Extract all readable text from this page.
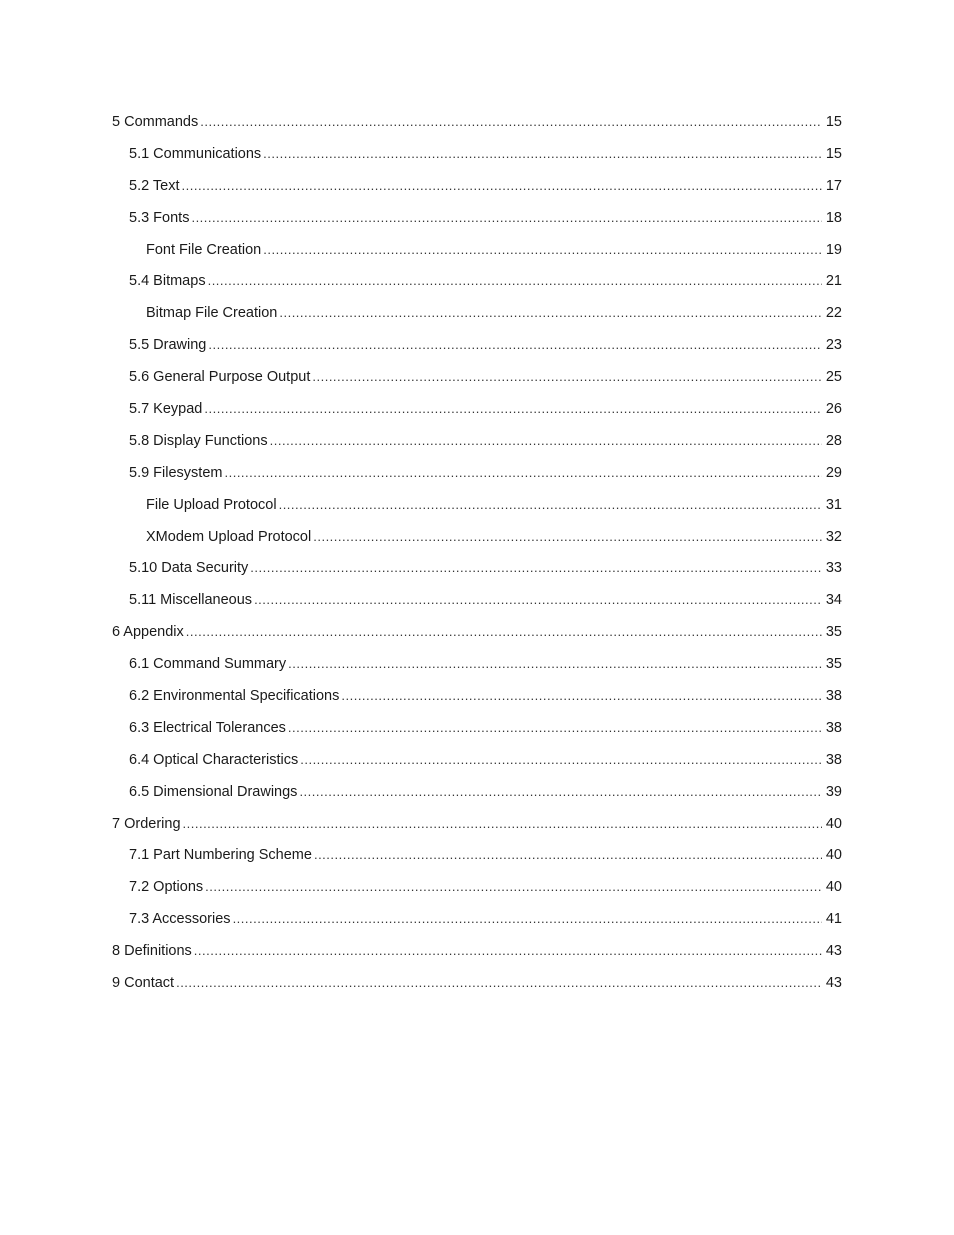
5 Commands .....	15
5.1 Communications .....	15
5.2 Text .....	17
5.3 Fonts .....	18
Font File Creation .....	19
5.4 Bitmaps .....	21
Bitmap File Creation .....	22
5.5 Drawing .....	23
5.6 General Purpose Output .....	25
5.7 Keypad .....	26
5.8 Display Functions .....	28
5.9 Filesystem .....	29
File Upload Protocol .....	31
XModem Upload Protocol .....	32
5.10 Data Security .....	33
5.11 Miscellaneous .....	34
6 Appendix .....	35
6.1 Command Summary .....	35
6.2 Environmental Specifications .....	38
6.3 Electrical Tolerances .....	38
6.4 Optical Characteristics .....	38
6.5 Dimensional Drawings .....	39
7 Ordering .....	40
7.1 Part Numbering Scheme .....	40
7.2 Options .....	40
7.3 Accessories .....	41
8 Definitions .....	43
9 Contact .....	43
